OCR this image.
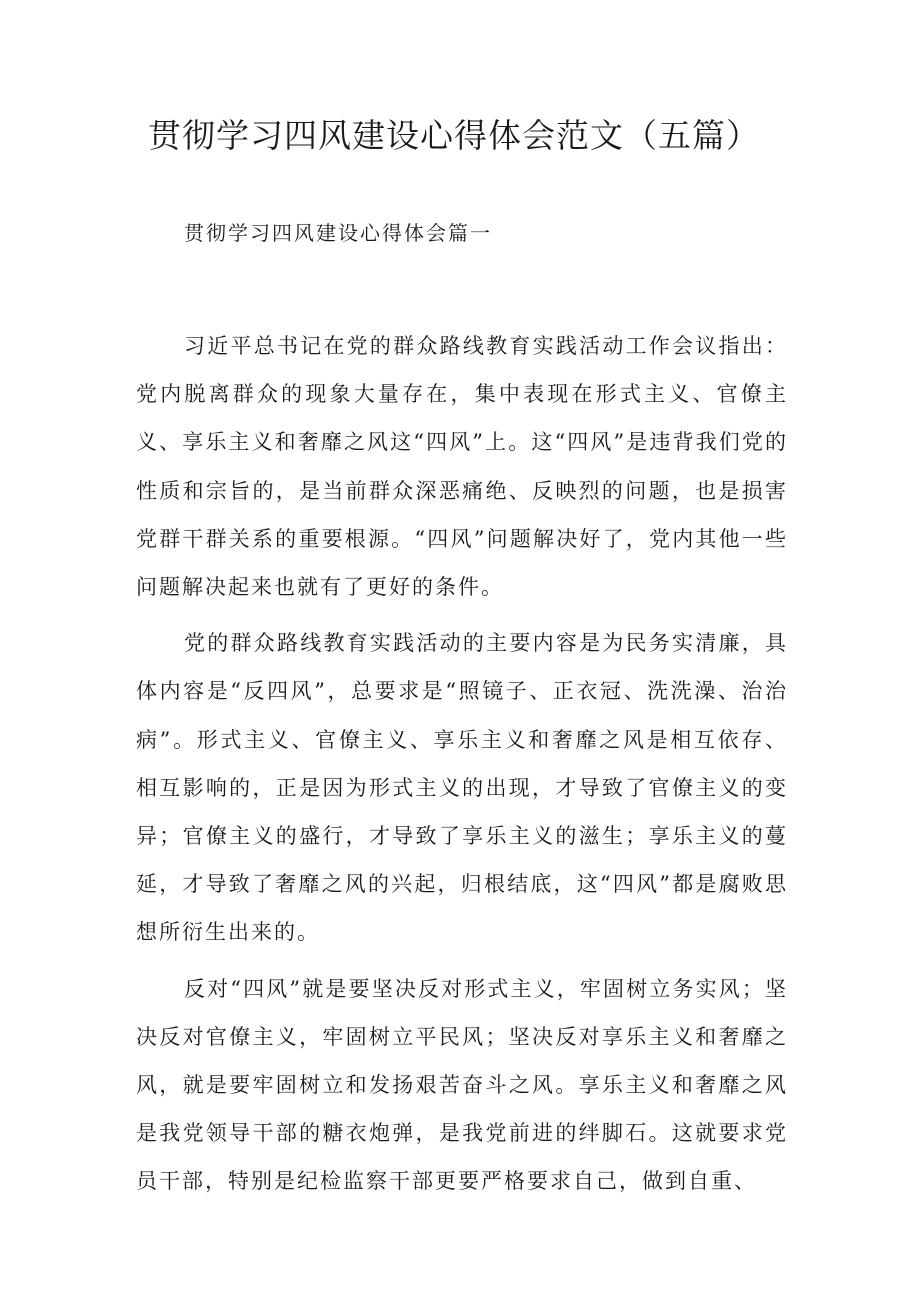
贯彻学习四风建设心得体会范文（五篇）
贯彻学习四风建设心得体会篇一

习近平总书记在党的群众路线教育实践活动工作会议指出：党内脱离群众的现象大量存在，集中表现在形式主义、官僚主义、享乐主义和奢靡之风这“四风”上。这“四风”是违背我们党的性质和宗旨的，是当前群众深恶痛绝、反映烈的问题，也是损害党群干群关系的重要根源。“四风”问题解决好了，党内其他一些问题解决起来也就有了更好的条件。

党的群众路线教育实践活动的主要内容是为民务实清廉，具体内容是“反四风”，总要求是“照镜子、正衣冠、洗洗澡、治治病”。形式主义、官僚主义、享乐主义和奢靡之风是相互依存、相互影响的，正是因为形式主义的出现，才导致了官僚主义的变异；官僚主义的盛行，才导致了享乐主义的滋生；享乐主义的蔓延，才导致了奢靡之风的兴起，归根结底，这“四风”都是腐败思想所衍生出来的。

反对“四风”就是要坚决反对形式主义，牢固树立务实风；坚决反对官僚主义，牢固树立平民风；坚决反对享乐主义和奢靡之风，就是要牢固树立和发扬艰苦奋斗之风。享乐主义和奢靡之风是我党领导干部的糖衣炮弹，是我党前进的绊脚石。这就要求党员干部，特别是纪检监察干部更要严格要求自己，做到自重、
